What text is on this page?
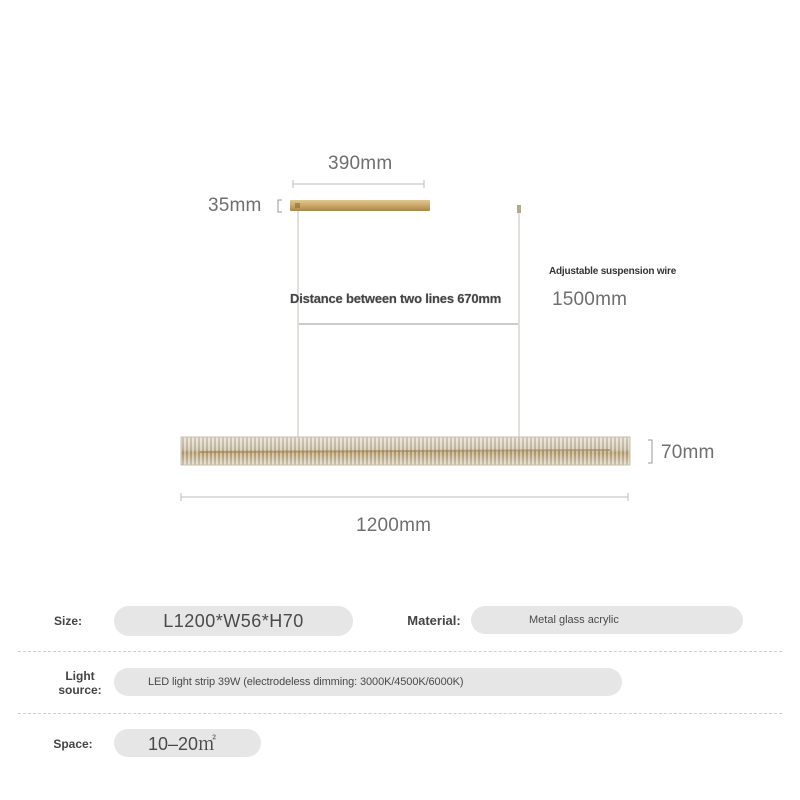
390mm
35mm
Adjustable suspension wire
Distance between two lines 670mm	1500mm
70mm
1200mm
Size:	L1200*W56*H70	Material:	Metal glass acrylic
Light
source:
LED light strip 39W (electrodeless dimming: 3000K/4500K/6000K)
Space:	10–20㎡
